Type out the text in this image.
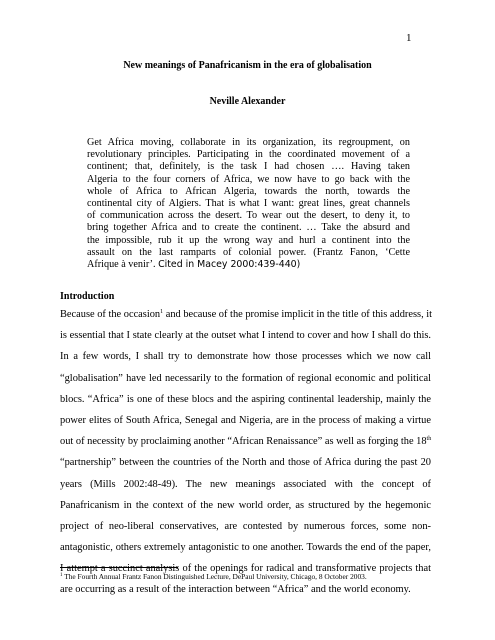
1
New meanings of Panafricanism in the era of globalisation
Neville Alexander
Get Africa moving, collaborate in its organization, its regroupment, on
revolutionary principles. Participating in the coordinated movement of a
continent; that, definitely, is the task I had chosen …. Having taken
Algeria to the four corners of Africa, we now have to go back with the
whole of Africa to African Algeria, towards the north, towards the
continental city of Algiers. That is what I want: great lines, great channels
of communication across the desert. To wear out the desert, to deny it, to
bring together Africa and to create the continent. … Take the absurd and
the impossible, rub it up the wrong way and hurl a continent into the
assault on the last ramparts of colonial power. (Frantz Fanon, ‘Cette
Afrique à venir’. Cited in Macey 2000:439-440)
Introduction
Because of the occasion$^1$ and because of the promise implicit in the title of this address, it
is essential that I state clearly at the outset what I intend to cover and how I shall do this.
In a few words, I shall try to demonstrate how those processes which we now call
“globalisation” have led necessarily to the formation of regional economic and political
blocs. “Africa” is one of these blocs and the aspiring continental leadership, mainly the
power elites of South Africa, Senegal and Nigeria, are in the process of making a virtue
out of necessity by proclaiming another “African Renaissance” as well as forging the 18th
“partnership” between the countries of the North and those of Africa during the past 20
years (Mills 2002:48-49). The new meanings associated with the concept of
Panafricanism in the context of the new world order, as structured by the hegemonic
project of neo-liberal conservatives, are contested by numerous forces, some non-
antagonistic, others extremely antagonistic to one another. Towards the end of the paper,
I attempt a succinct analysis of the openings for radical and transformative projects that
are occurring as a result of the interaction between “Africa” and the world economy.
$^1$ The Fourth Annual Frantz Fanon Distinguished Lecture, DePaul University, Chicago, 8 October 2003.
